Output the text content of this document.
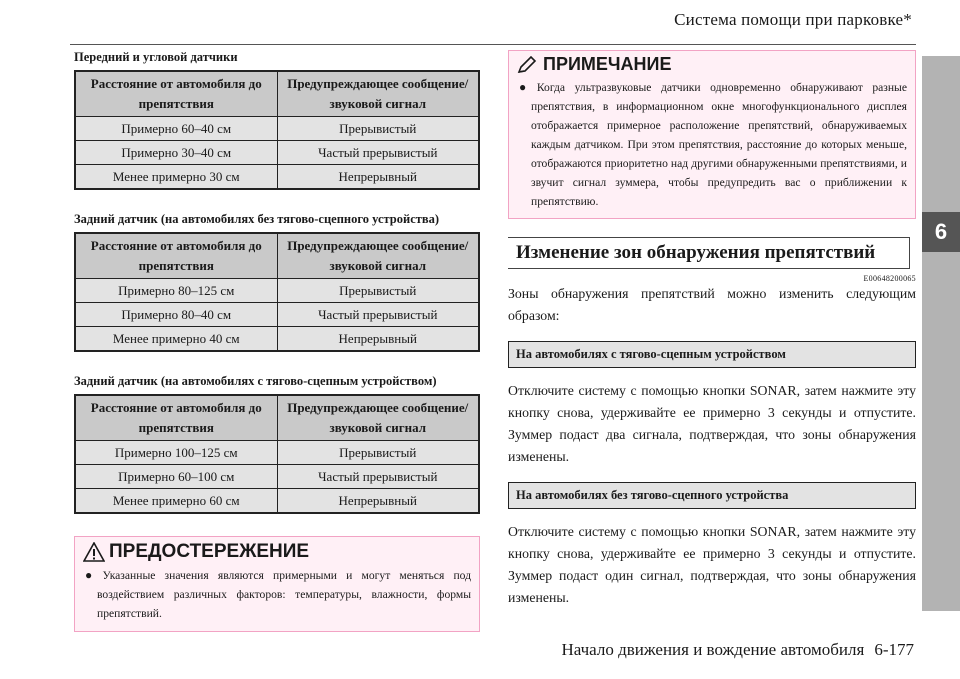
Система помощи при парковке*
6
Передний и угловой датчики
Расстояние от автомобиля до препятствия	Предупреждающее сообщение/звуковой сигнал
Примерно 60–40 см	Прерывистый
Примерно 30–40 см	Частый прерывистый
Менее примерно 30 см	Непрерывный
Задний датчик (на автомобилях без тягово-сцепного устройства)
Расстояние от автомобиля до препятствия	Предупреждающее сообщение/звуковой сигнал
Примерно 80–125 см	Прерывистый
Примерно 80–40 см	Частый прерывистый
Менее примерно 40 см	Непрерывный
Задний датчик (на автомобилях с тягово-сцепным устройством)
Расстояние от автомобиля до препятствия	Предупреждающее сообщение/звуковой сигнал
Примерно 100–125 см	Прерывистый
Примерно 60–100 см	Частый прерывистый
Менее примерно 60 см	Непрерывный
ПРЕДОСТЕРЕЖЕНИЕ
● Указанные значения являются примерными и могут меняться под воздействием различных факторов: температуры, влажности, формы препятствий.
ПРИМЕЧАНИЕ
● Когда ультразвуковые датчики одновременно обнаруживают разные препятствия, в информационном окне многофункционального дисплея отображается примерное расположение препятствий, обнаруживаемых каждым датчиком. При этом препятствия, расстояние до которых меньше, отображаются приоритетно над другими обнаруженными препятствиями, и звучит сигнал зуммера, чтобы предупредить вас о приближении к препятствию.
Изменение зон обнаружения препятствий
E00648200065
Зоны обнаружения препятствий можно изменить следующим образом:
На автомобилях с тягово-сцепным устройством
Отключите систему с помощью кнопки SONAR, затем нажмите эту кнопку снова, удерживайте ее примерно 3 секунды и отпустите. Зуммер подаст два сигнала, подтверждая, что зоны обнаружения изменены.
На автомобилях без тягово-сцепного устройства
Отключите систему с помощью кнопки SONAR, затем нажмите эту кнопку снова, удерживайте ее примерно 3 секунды и отпустите. Зуммер подаст один сигнал, подтверждая, что зоны обнаружения изменены.
Начало движения и вождение автомобиля 6-177
